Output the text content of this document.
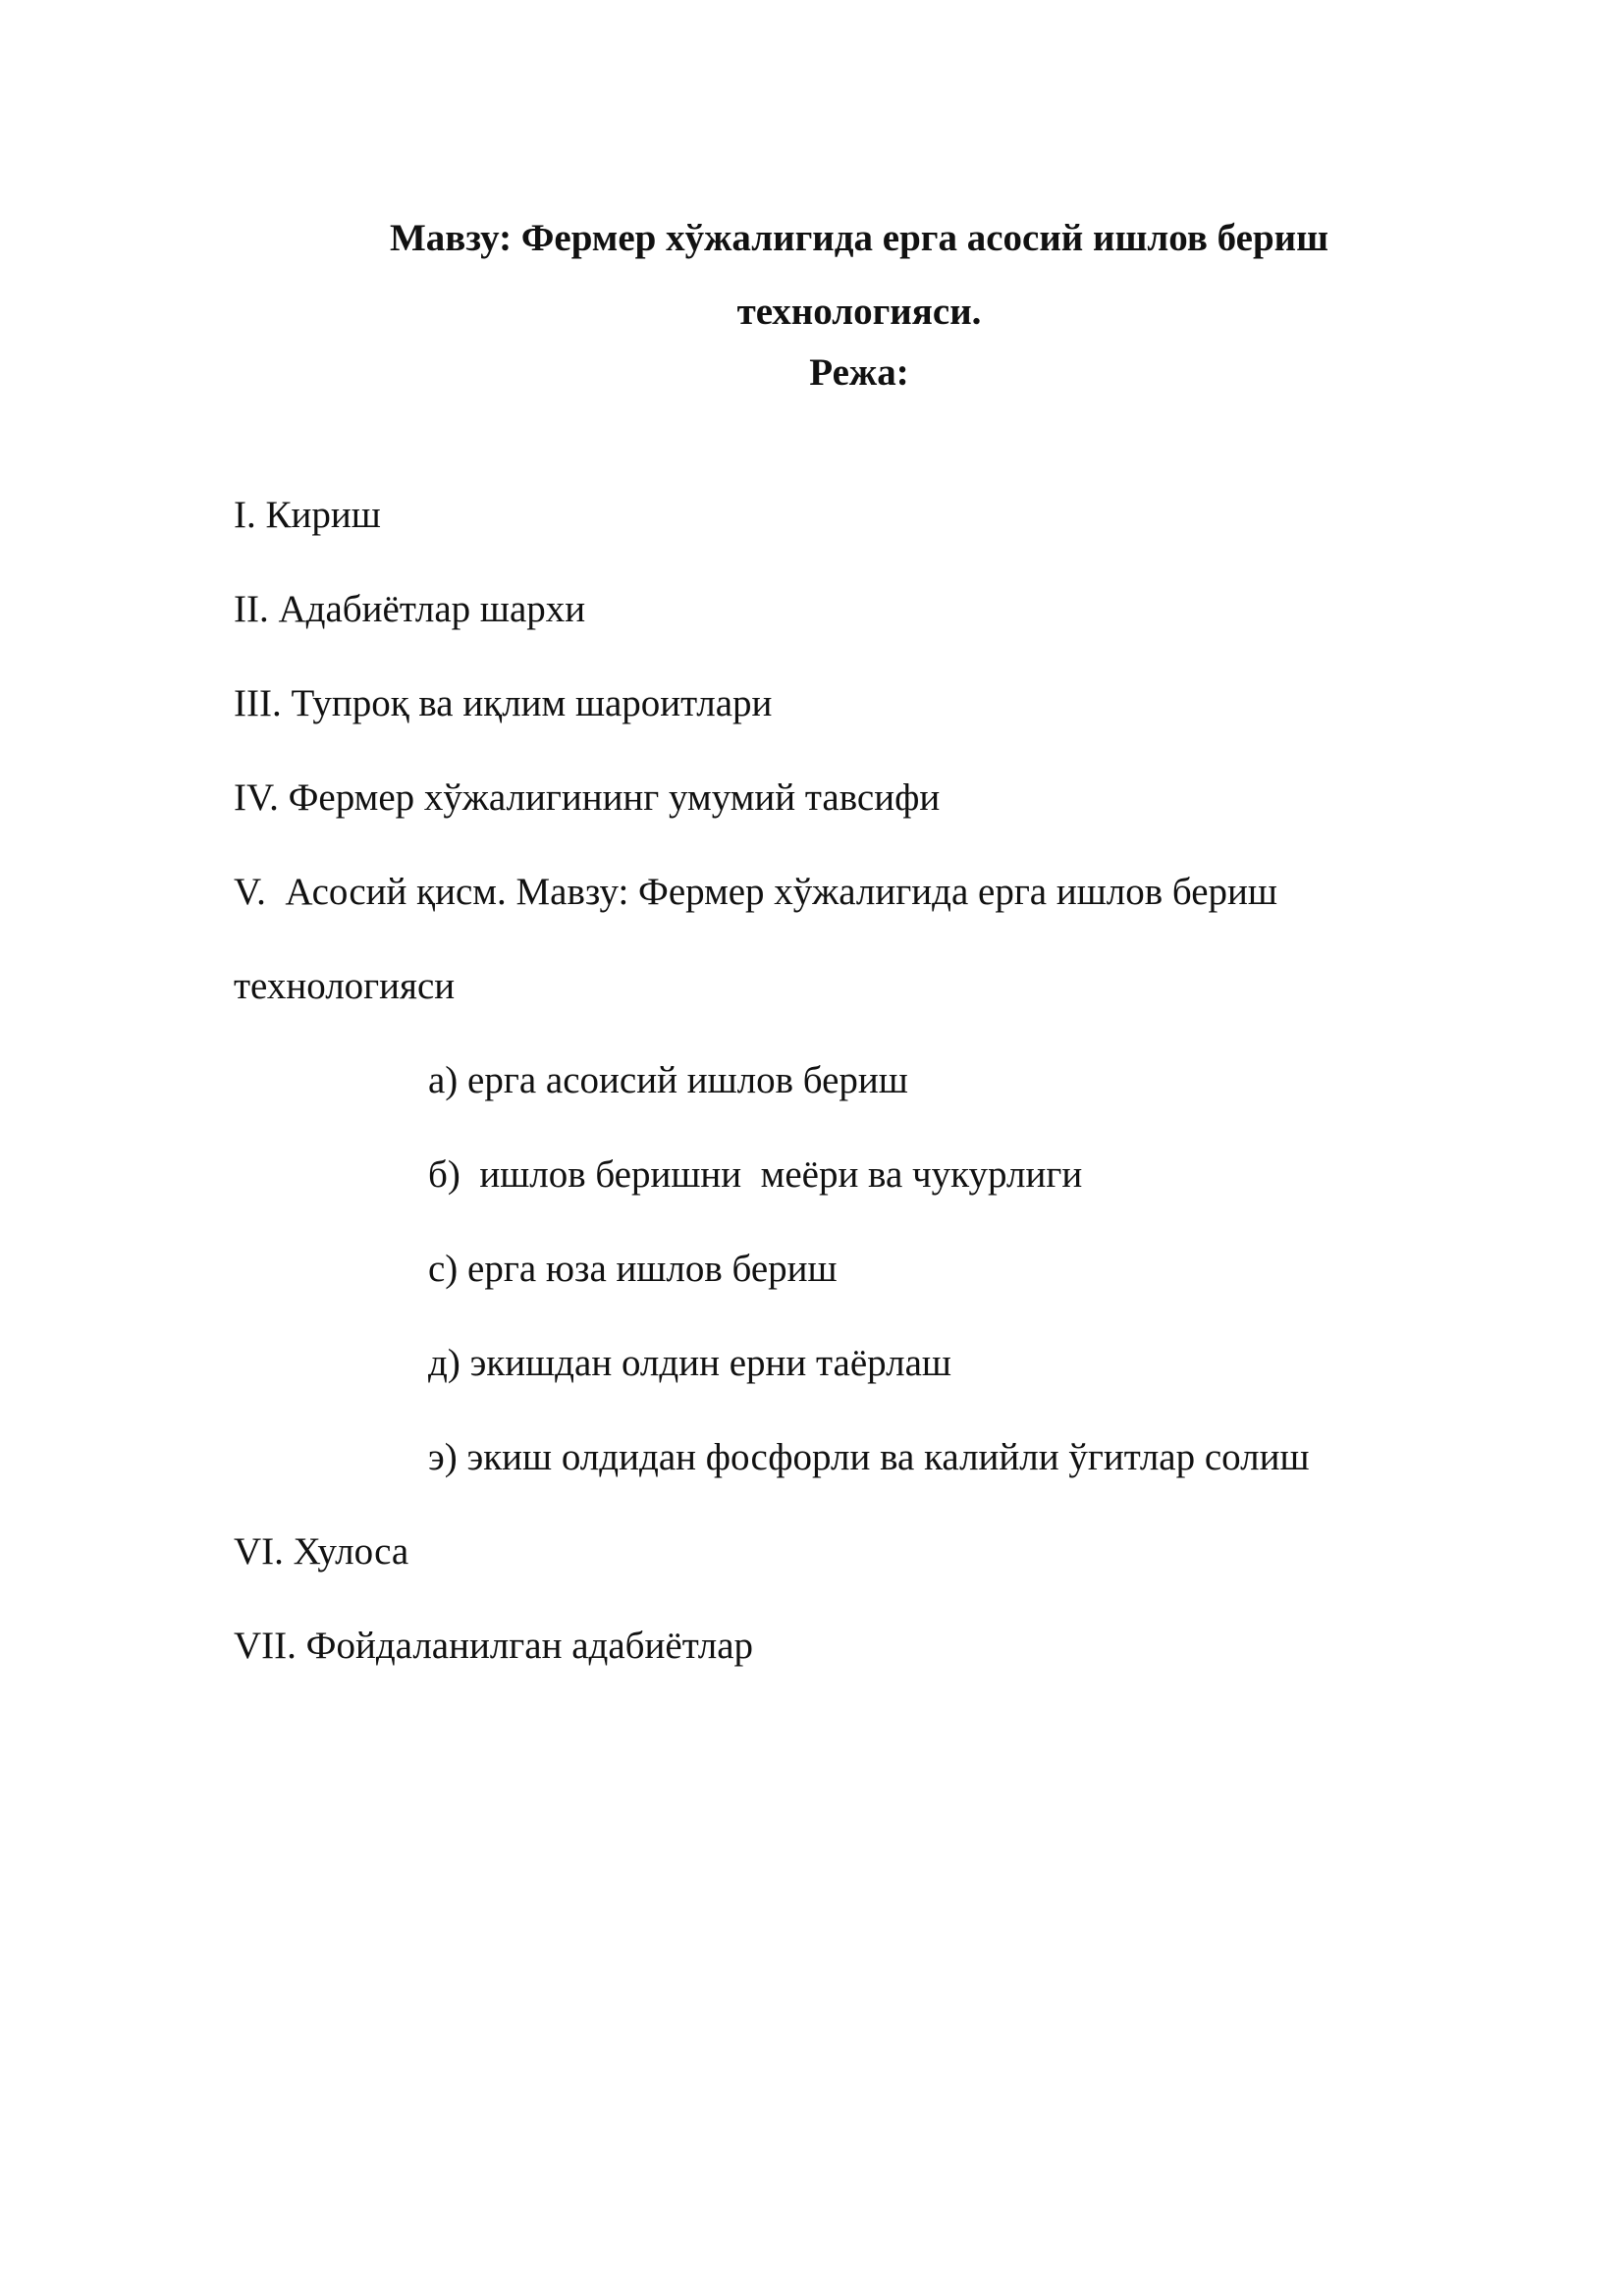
Мавзу: Фермер хўжалигида ерга асосий ишлов бериш
технологияси.
Режа:
I. Кириш
II. Адабиётлар шархи
III. Тупроқ ва иқлим шароитлари
IV. Фермер хўжалигининг умумий тавсифи
V.  Асосий қисм. Мавзу: Фермер хўжалигида ерга ишлов бериш
технологияси
а) ерга асоисий ишлов бериш
б)  ишлов беришни  меёри ва чукурлиги
с) ерга юза ишлов бериш
д) экишдан олдин ерни таёрлаш
э) экиш олдидан фосфорли ва калийли ўгитлар солиш
VI. Хулоса
VII. Фойдаланилган адабиётлар
